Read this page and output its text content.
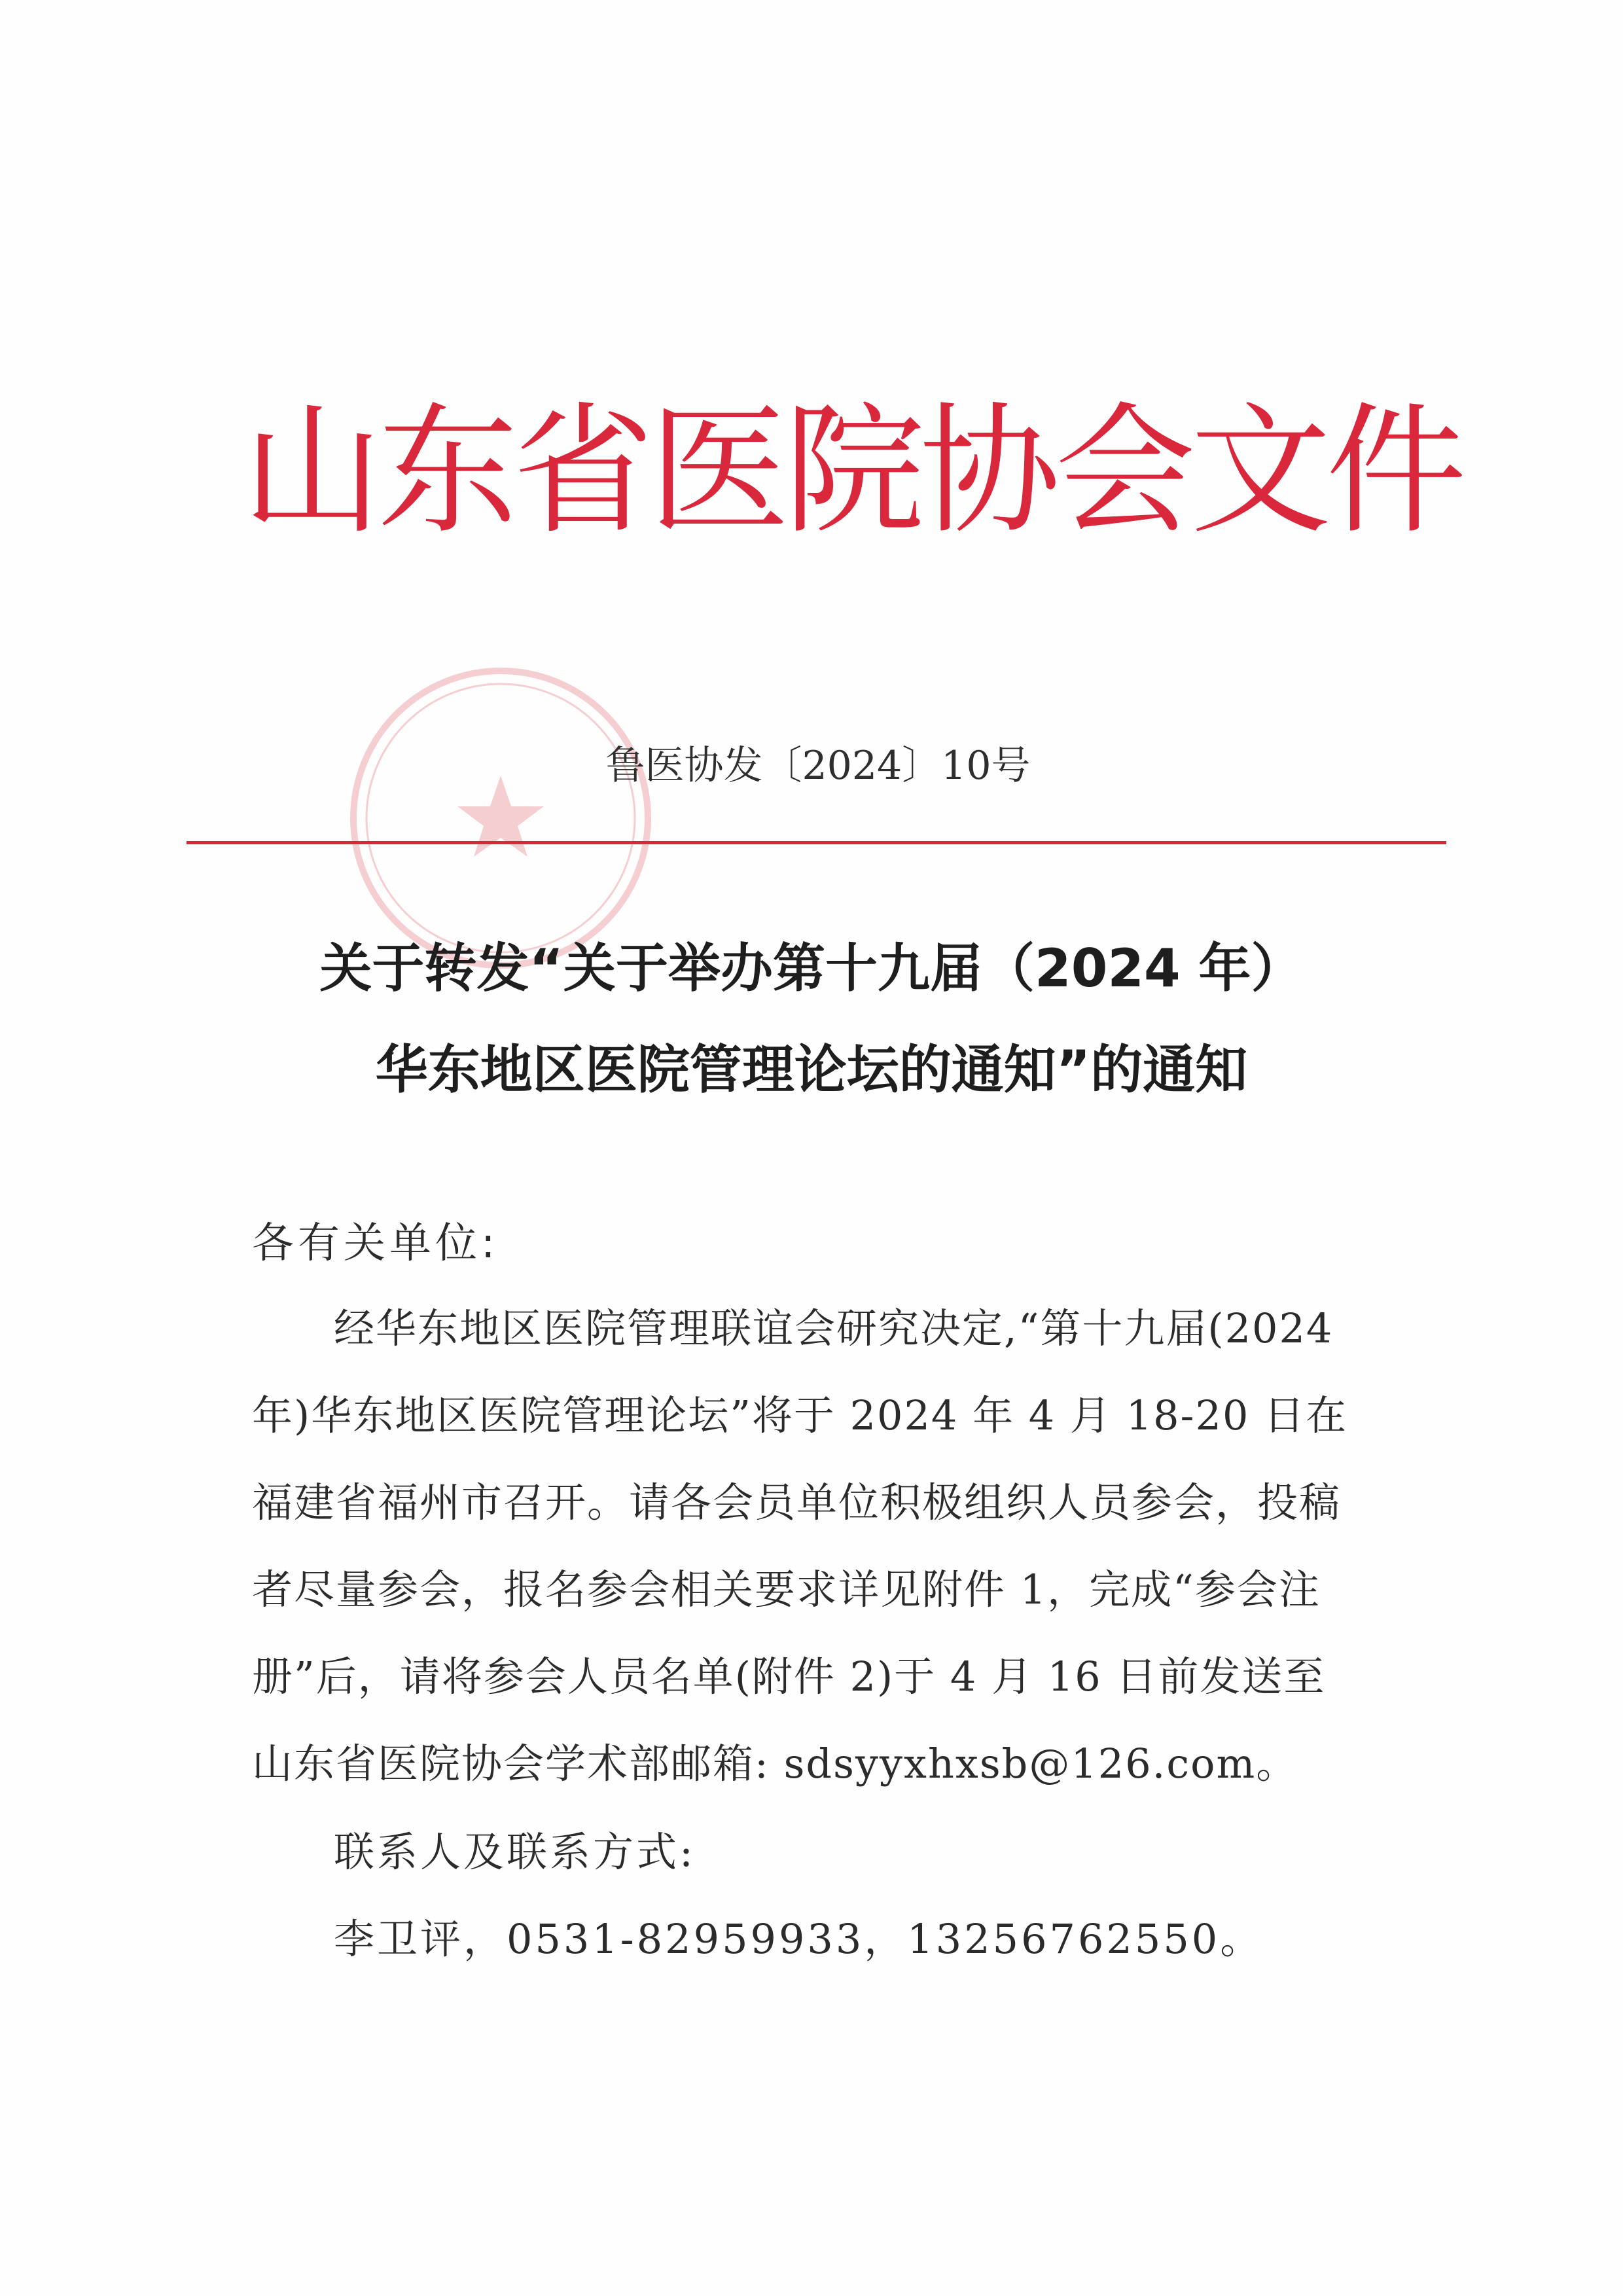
山东省医院协会文件
鲁医协发〔2024〕10号
关于转发“关于举办第十九届（2024 年）
华东地区医院管理论坛的通知”的通知
各有关单位:
经华东地区医院管理联谊会研究决定,“第十九届(2024
年)华东地区医院管理论坛”将于 2024 年 4 月 18-20 日在
福建省福州市召开。请各会员单位积极组织人员参会，投稿
者尽量参会，报名参会相关要求详见附件 1，完成“参会注
册”后，请将参会人员名单(附件 2)于 4 月 16 日前发送至
山东省医院协会学术部邮箱: sdsyyxhxsb@126.com。
联系人及联系方式:
李卫评，0531-82959933，13256762550。
